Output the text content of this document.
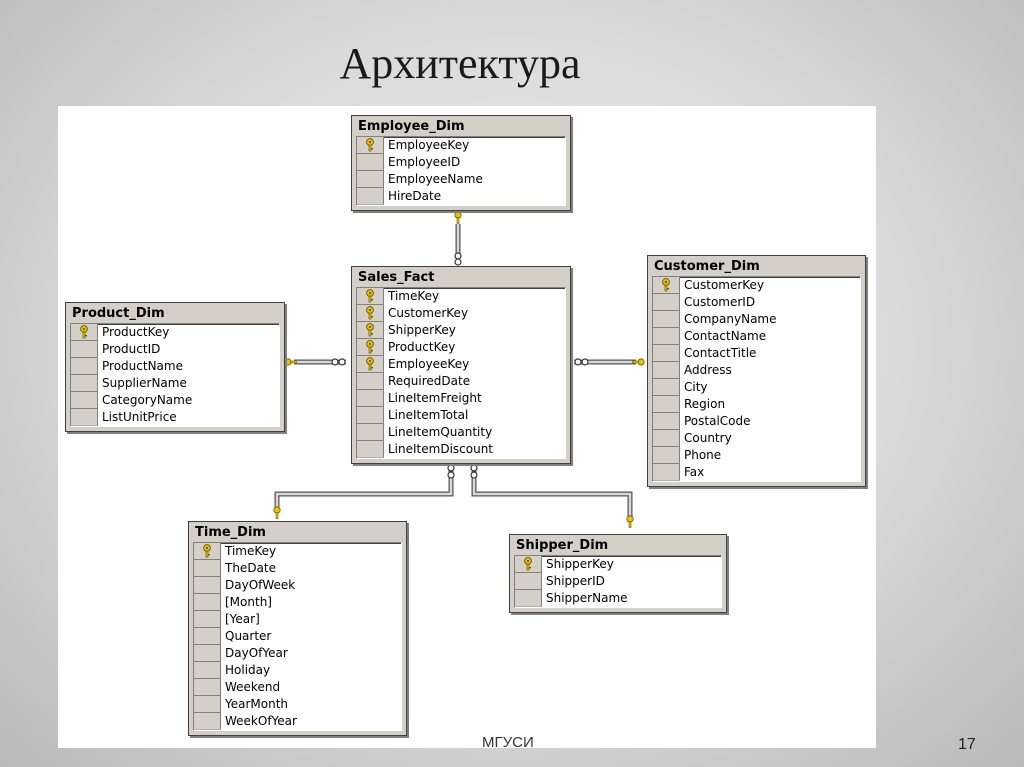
Архитектура
Employee_Dim
EmployeeKey
EmployeeID
EmployeeName
HireDate
Sales_Fact
TimeKey
CustomerKey
ShipperKey
ProductKey
EmployeeKey
RequiredDate
LineItemFreight
LineItemTotal
LineItemQuantity
LineItemDiscount
Product_Dim
ProductKey
ProductID
ProductName
SupplierName
CategoryName
ListUnitPrice
Customer_Dim
CustomerKey
CustomerID
CompanyName
ContactName
ContactTitle
Address
City
Region
PostalCode
Country
Phone
Fax
Time_Dim
TimeKey
TheDate
DayOfWeek
[Month]
[Year]
Quarter
DayOfYear
Holiday
Weekend
YearMonth
WeekOfYear
Shipper_Dim
ShipperKey
ShipperID
ShipperName
МГУСИ	17
